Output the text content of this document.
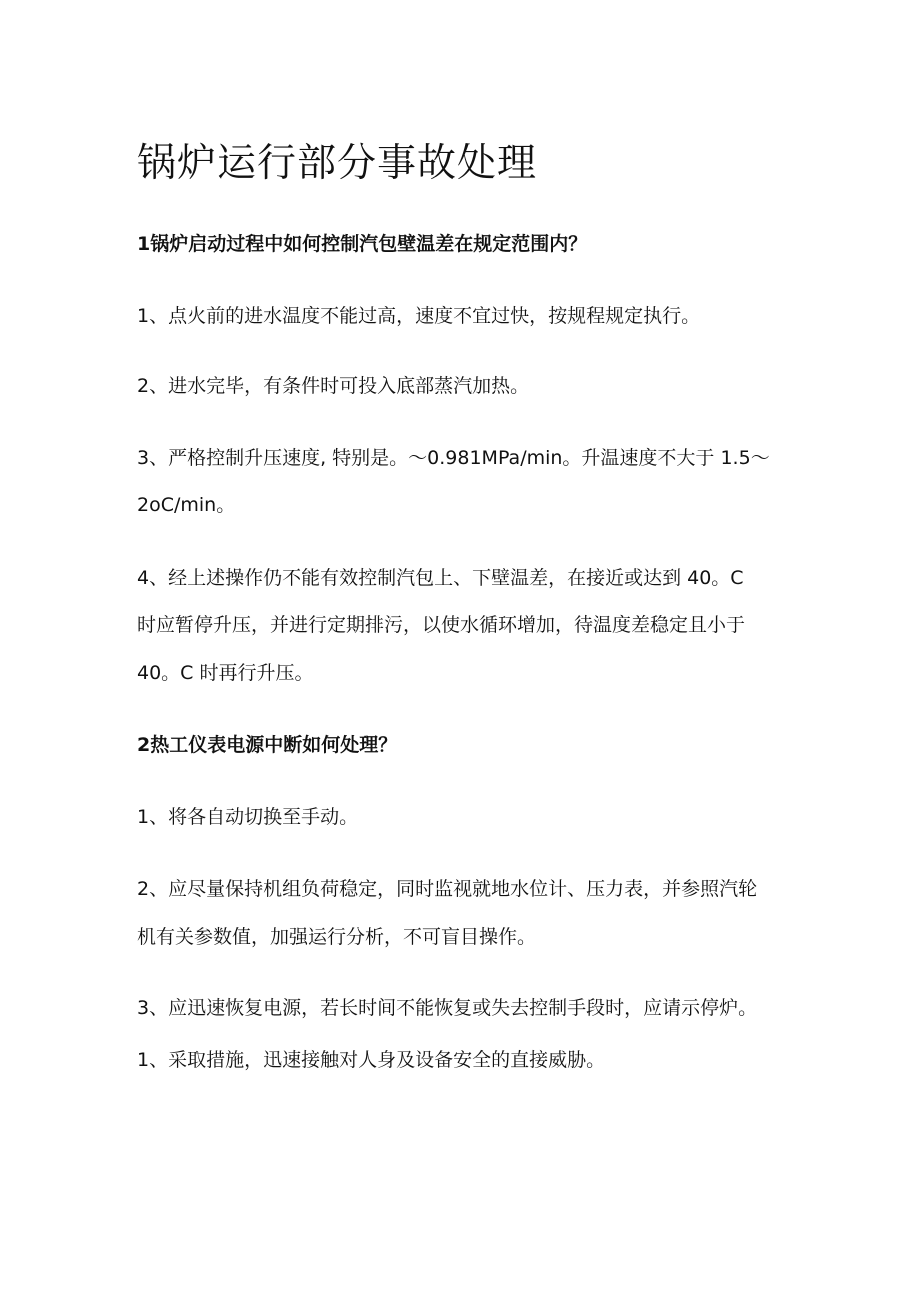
锅炉运行部分事故处理

1锅炉启动过程中如何控制汽包壁温差在规定范围内？

1、点火前的进水温度不能过高，速度不宜过快，按规程规定执行。

2、进水完毕，有条件时可投入底部蒸汽加热。

3、严格控制升压速度, 特别是。～0.981MPa/min。升温速度不大于 1.5～

2oC/min。

4、经上述操作仍不能有效控制汽包上、下壁温差，在接近或达到 40。C

时应暂停升压，并进行定期排污，以使水循环增加，待温度差稳定且小于

40。C 时再行升压。

2热工仪表电源中断如何处理？

1、将各自动切换至手动。

2、应尽量保持机组负荷稳定，同时监视就地水位计、压力表，并参照汽轮

机有关参数值，加强运行分析，不可盲目操作。

3、应迅速恢复电源，若长时间不能恢复或失去控制手段时，应请示停炉。

1、采取措施，迅速接触对人身及设备安全的直接威胁。
